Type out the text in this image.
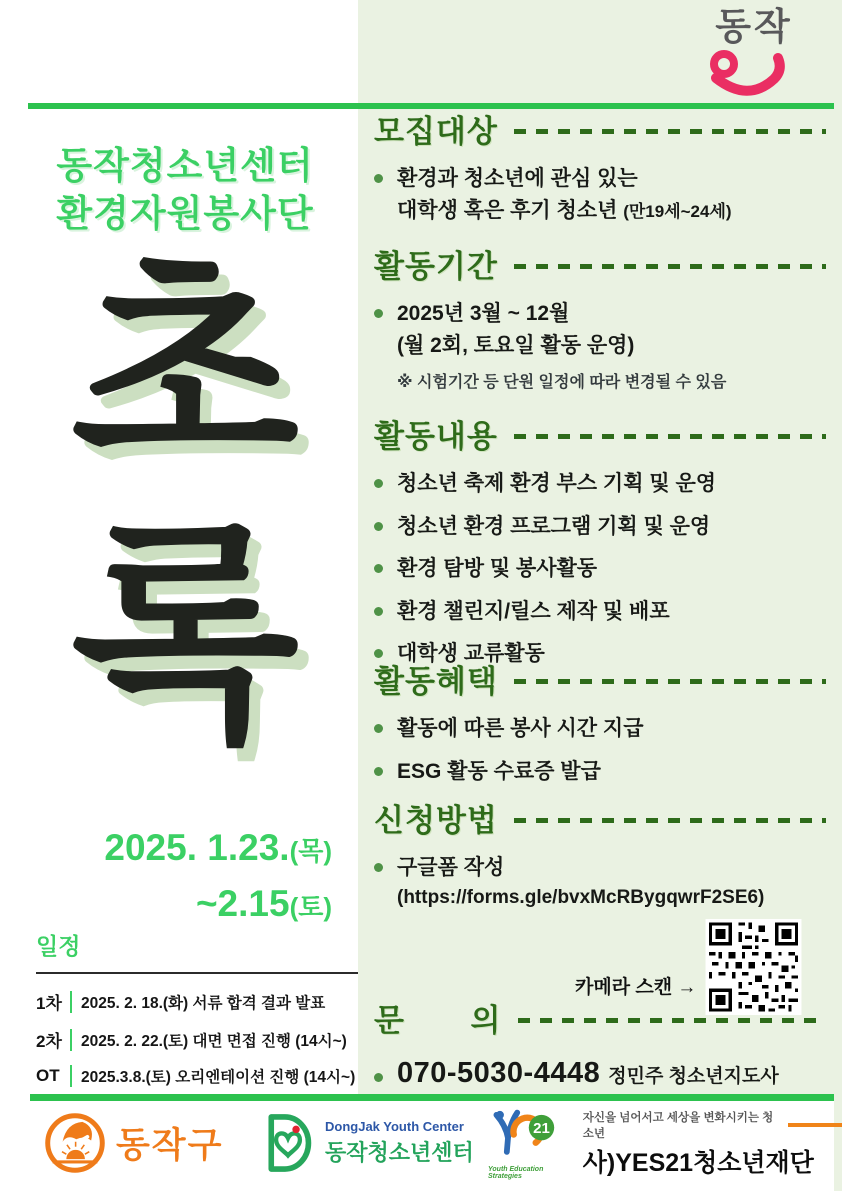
동작
동작청소년센터
환경자원봉사단
초
록
2025. 1.23.(목)
~2.15(토)
일정
1차	2025. 2. 18.(화) 서류 합격 결과 발표
2차	2025. 2. 22.(토) 대면 면접 진행 (14시~)
OT	2025.3.8.(토) 오리엔테이션 진행 (14시~)
모집대상
환경과 청소년에 관심 있는
대학생 혹은 후기 청소년 (만19세~24세)
활동기간
2025년 3월 ~ 12월
(월 2회, 토요일 활동 운영)
※ 시험기간 등 단원 일정에 따라 변경될 수 있음
활동내용
청소년 축제 환경 부스 기획 및 운영
청소년 환경 프로그램 기획 및 운영
환경 탐방 및 봉사활동
환경 챌린지/릴스 제작 및 배포
대학생 교류활동
활동혜택
활동에 따른 봉사 시간 지급
ESG 활동 수료증 발급
신청방법
구글폼 작성
(https://forms.gle/bvxMcRBygqwrF2SE6)
카메라 스캔 →
문 의
070-5030-4448 정민주 청소년지도사
동작구	DongJak Youth Center
동작청소년센터
21
Youth Education Strategies
자신을 넘어서고 세상을 변화시키는 청소년
사)YES21청소년재단
